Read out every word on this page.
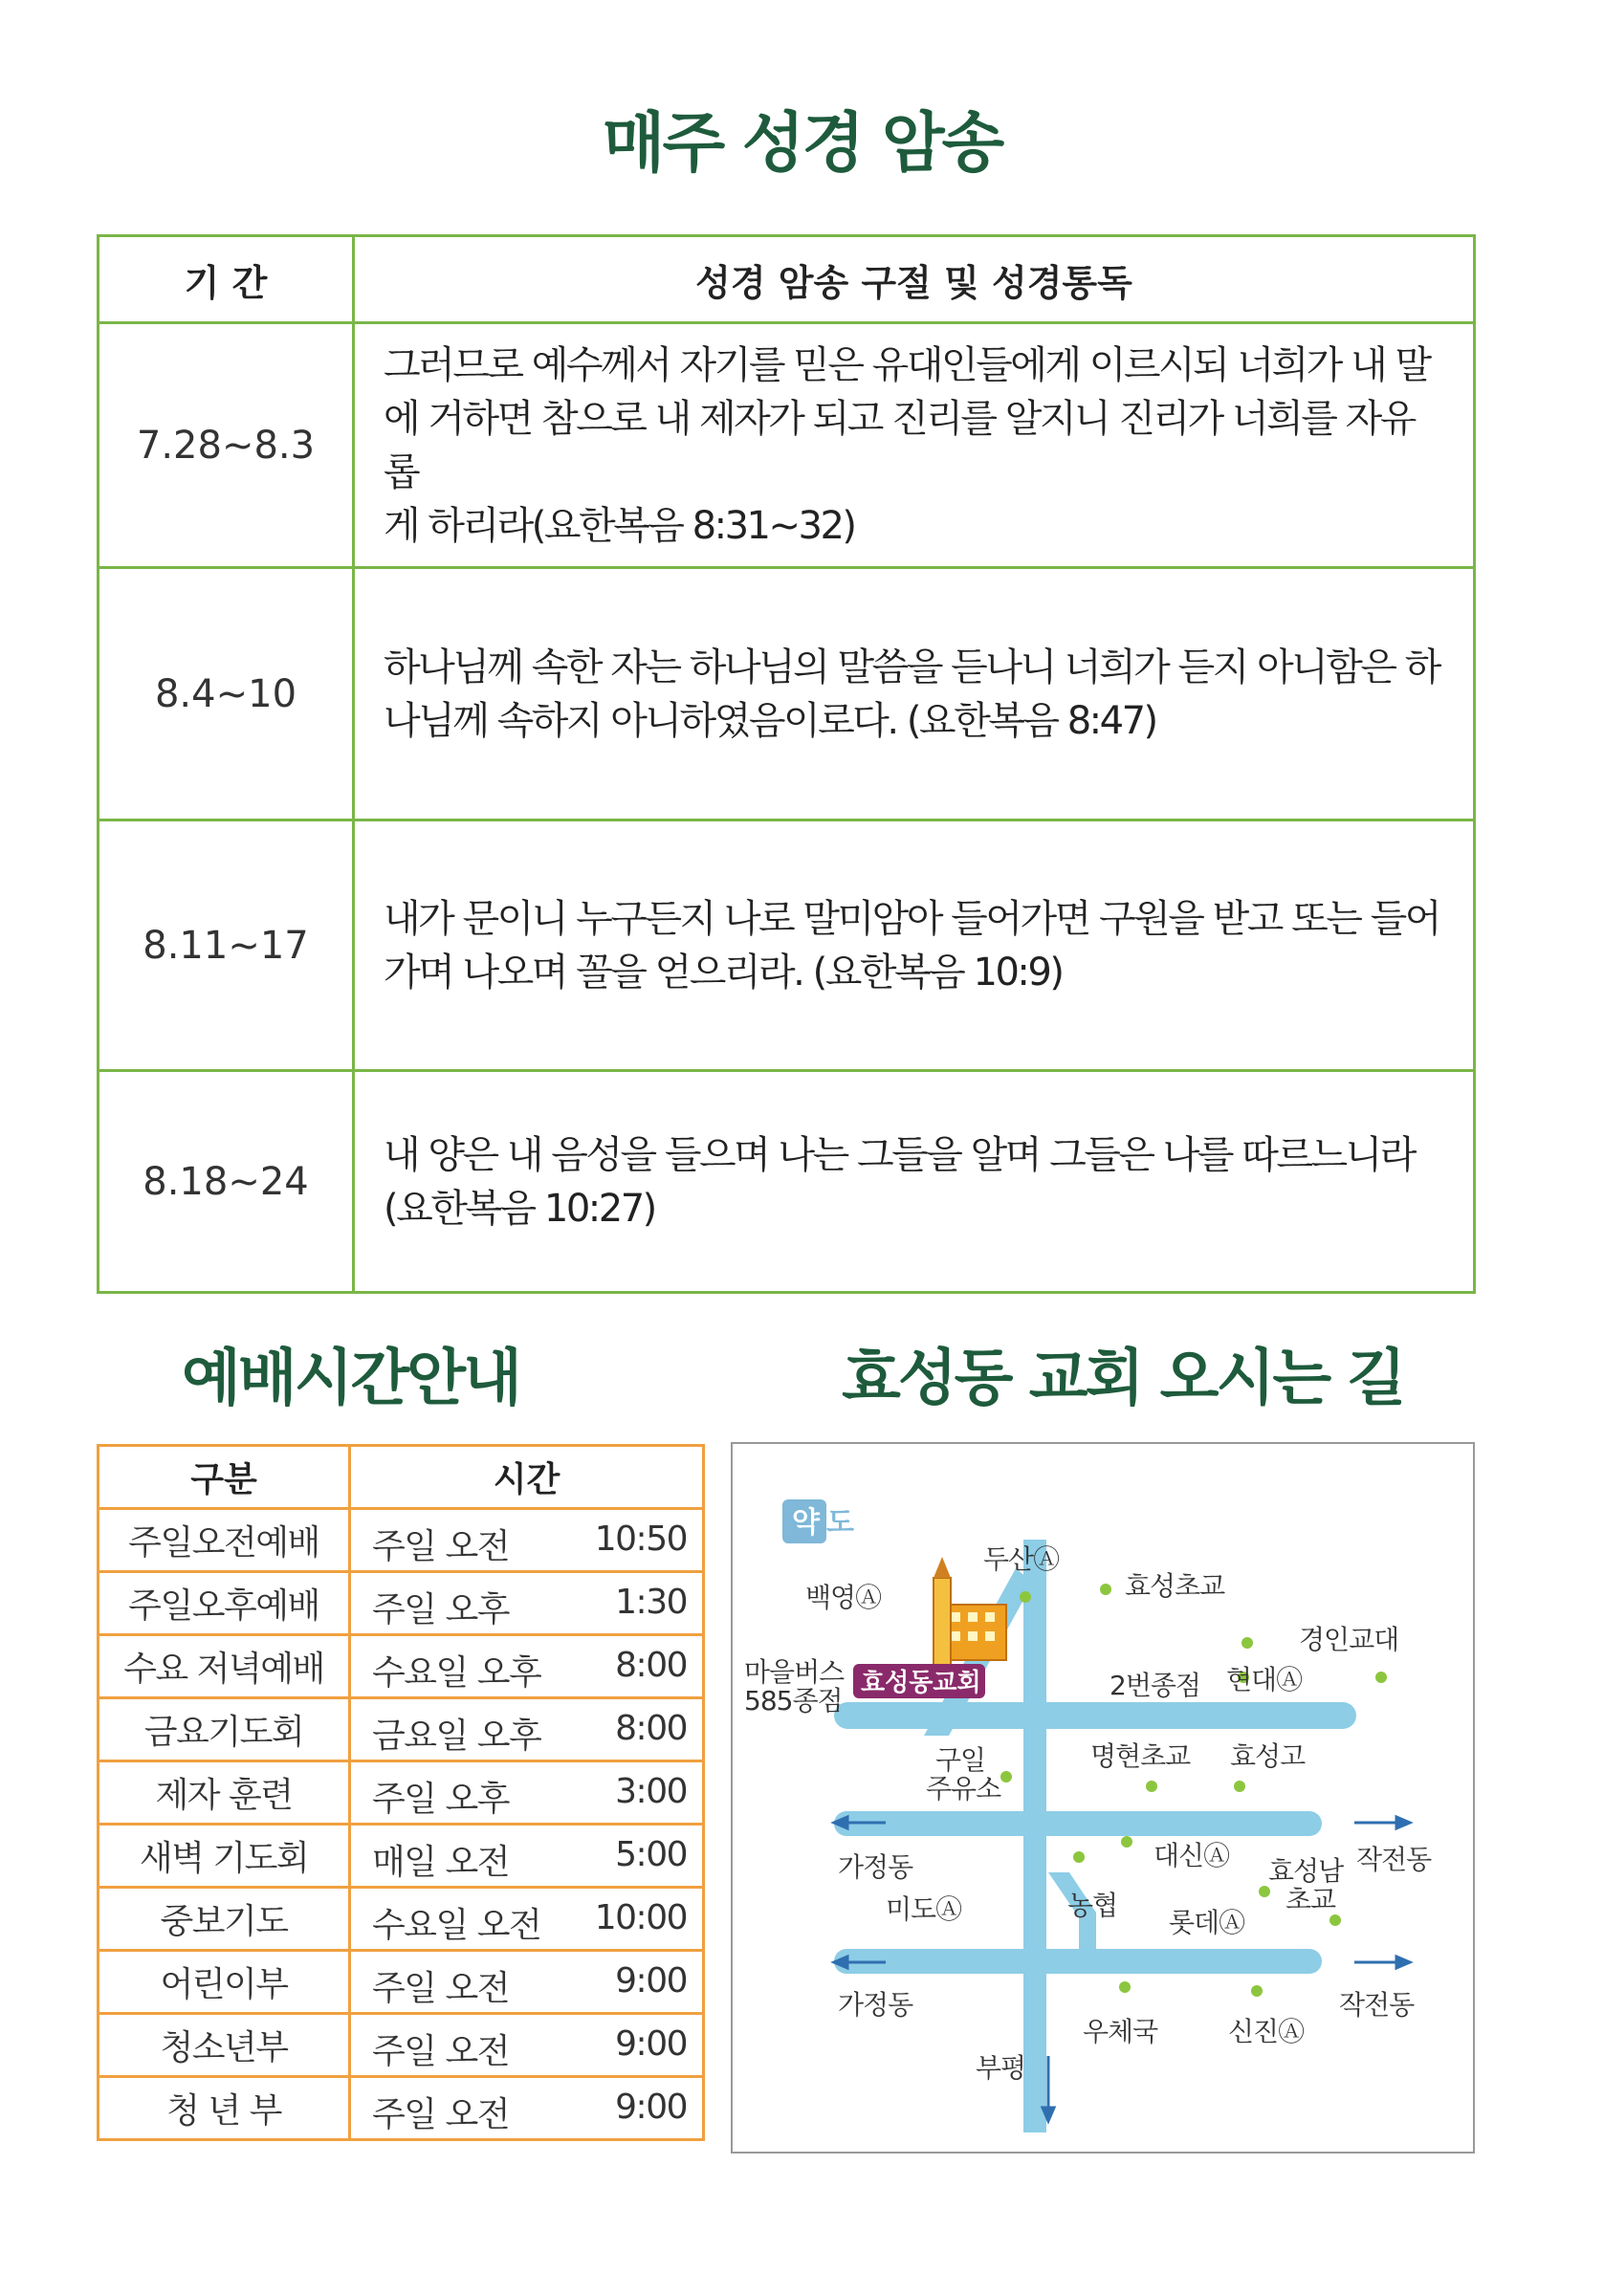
매주 성경 암송
기 간	성경 암송 구절 및 성경통독
7.28~8.3	그러므로 예수께서 자기를 믿은 유대인들에게 이르시되 너희가 내 말
에 거하면 참으로 내 제자가 되고 진리를 알지니 진리가 너희를 자유롭
게 하리라(요한복음 8:31~32)

8.4~10	하나님께 속한 자는 하나님의 말씀을 듣나니 너희가 듣지 아니함은 하
나님께 속하지 아니하였음이로다. (요한복음 8:47)

8.11~17	내가 문이니 누구든지 나로 말미암아 들어가면 구원을 받고 또는 들어
가며 나오며 꼴을 얻으리라. (요한복음 10:9)

8.18~24	내 양은 내 음성을 들으며 나는 그들을 알며 그들은 나를 따르느니라
(요한복음 10:27)
예배시간안내	효성동 교회 오시는 길
구분	시간
주일오전예배	주일 오전 10:50

주일오후예배	주일 오후 1:30

수요 저녁예배	수요일 오후 8:00

금요기도회	금요일 오후 8:00

제자 훈련	주일 오후 3:00

새벽 기도회	매일 오전 5:00

중보기도	수요일 오전 10:00

어린이부	주일 오전 9:00

청소년부	주일 오전 9:00

청 년 부	주일 오전 9:00
약 도
효성동교회
백영Ⓐ
두산Ⓐ
효성초교
경인교대
마을버스
585종점	2번종점 현대Ⓐ
구일
주유소
명현초교 효성고
가정동	대신Ⓐ 효성남
초교
작전동
미도Ⓐ	농협
롯데Ⓐ
가정동
우체국	신진Ⓐ
작전동
부평
